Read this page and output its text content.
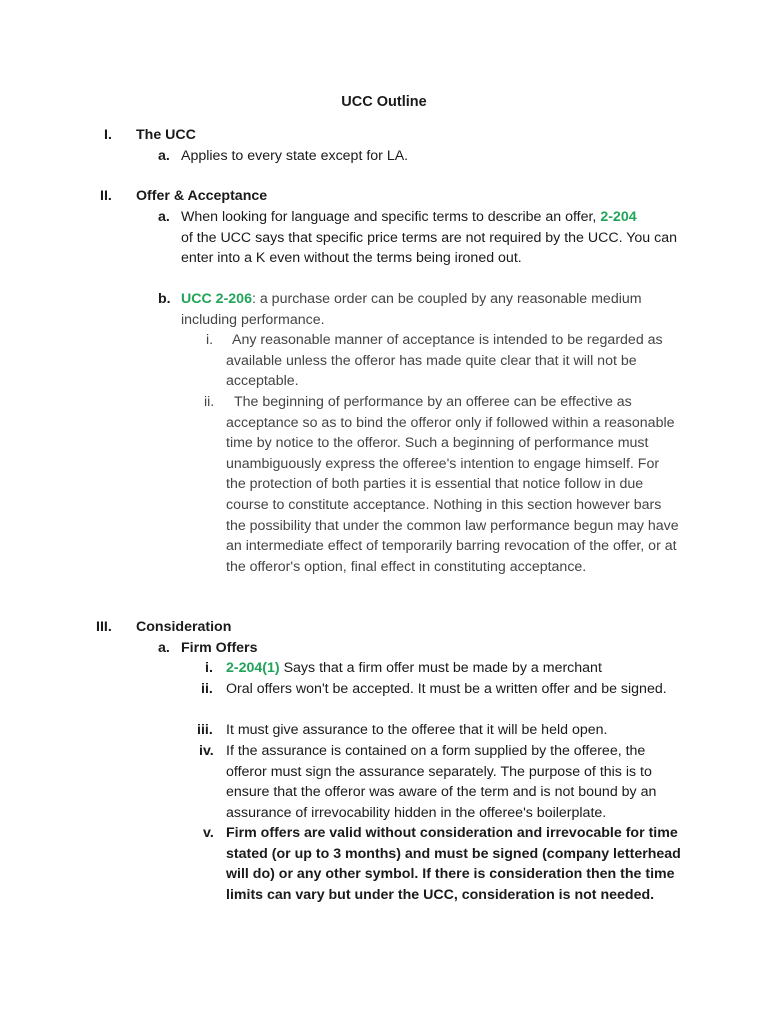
UCC Outline
I. The UCC
a. Applies to every state except for LA.
II. Offer & Acceptance
a. When looking for language and specific terms to describe an offer, 2-204
of the UCC says that specific price terms are not required by the UCC. You can enter into a K even without the terms being ironed out.
b. UCC 2-206: a purchase order can be coupled by any reasonable medium including performance.
i.	Any reasonable manner of acceptance is intended to be regarded as available unless the offeror has made quite clear that it will not be acceptable.
ii.	The beginning of performance by an offeree can be effective as acceptance so as to bind the offeror only if followed within a reasonable time by notice to the offeror. Such a beginning of performance must unambiguously express the offeree's intention to engage himself. For the protection of both parties it is essential that notice follow in due course to constitute acceptance. Nothing in this section however bars the possibility that under the common law performance begun may have an intermediate effect of temporarily barring revocation of the offer, or at the offeror's option, final effect in constituting acceptance.
III. Consideration
a. Firm Offers
i. 2-204(1) Says that a firm offer must be made by a merchant
ii. Oral offers won't be accepted. It must be a written offer and be signed.
iii. It must give assurance to the offeree that it will be held open.
iv. If the assurance is contained on a form supplied by the offeree, the offeror must sign the assurance separately. The purpose of this is to ensure that the offeror was aware of the term and is not bound by an assurance of irrevocability hidden in the offeree's boilerplate.
v. Firm offers are valid without consideration and irrevocable for time stated (or up to 3 months) and must be signed (company letterhead will do) or any other symbol. If there is consideration then the time limits can vary but under the UCC, consideration is not needed.
